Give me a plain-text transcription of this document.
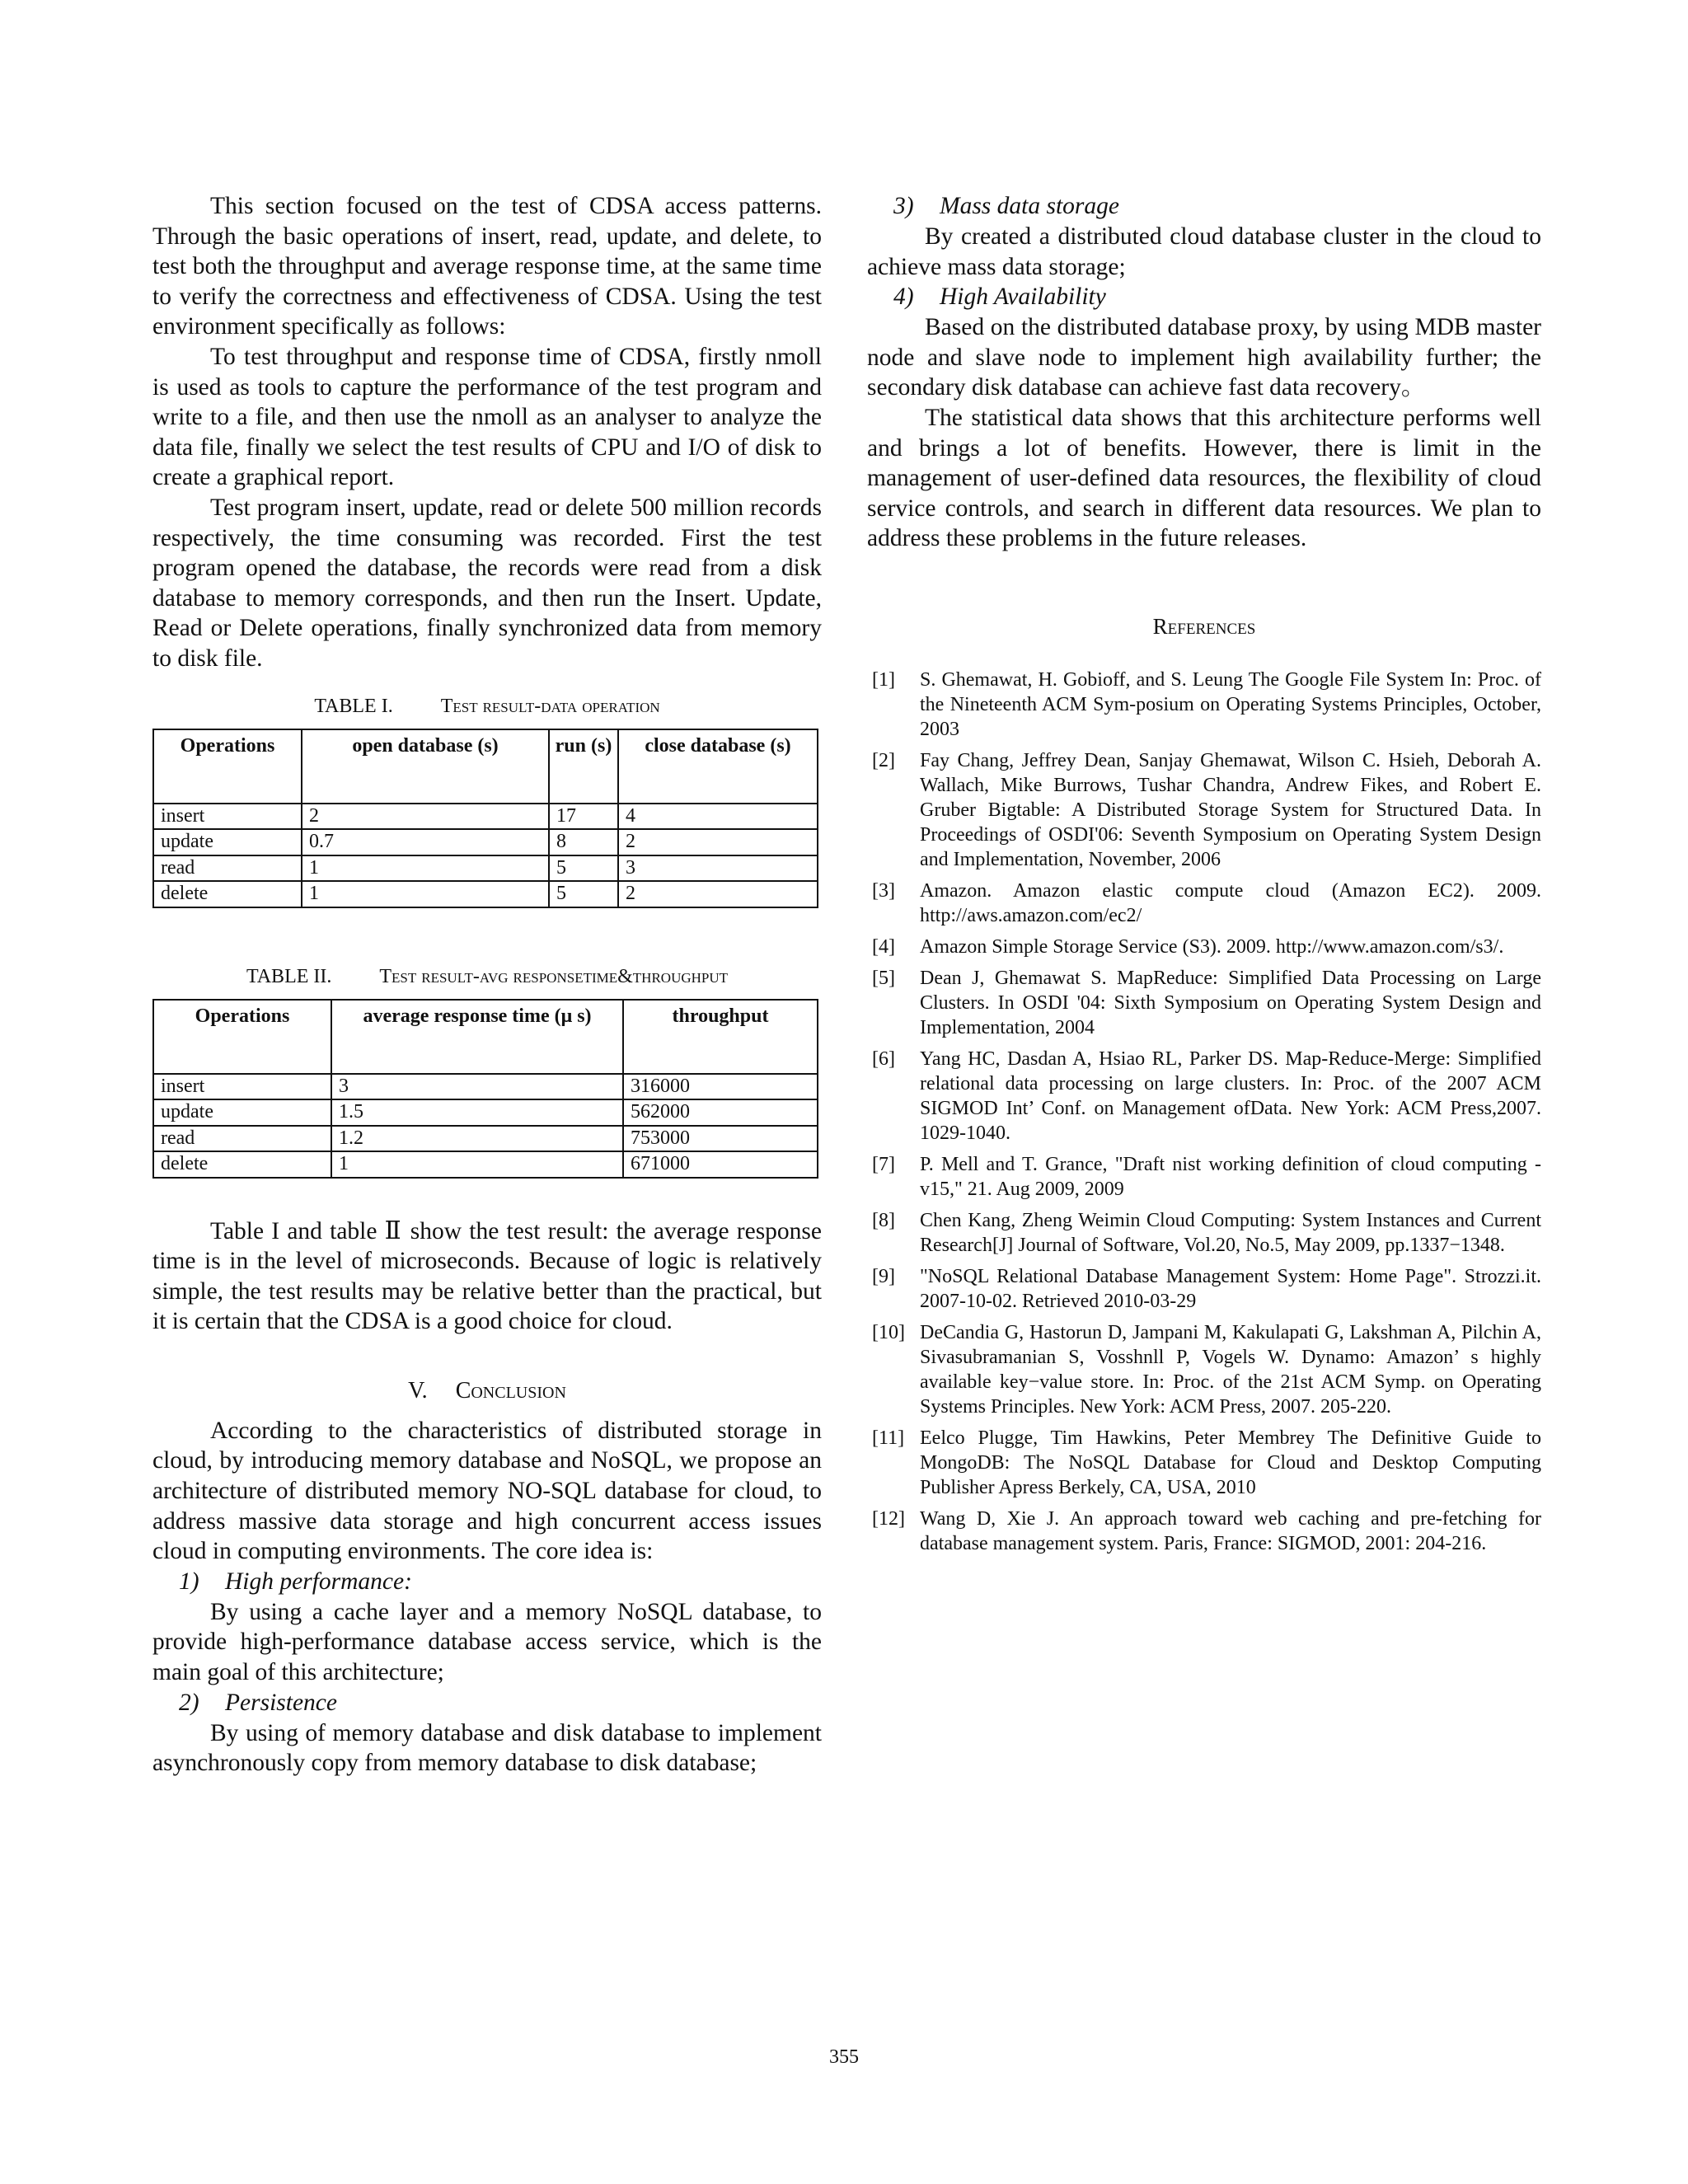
This section focused on the test of CDSA access patterns. Through the basic operations of insert, read, update, and delete, to test both the throughput and average response time, at the same time to verify the correctness and effectiveness of CDSA. Using the test environment specifically as follows:

To test throughput and response time of CDSA, firstly nmoll is used as tools to capture the performance of the test program and write to a file, and then use the nmoll as an analyser to analyze the data file, finally we select the test results of CPU and I/O of disk to create a graphical report.

Test program insert, update, read or delete 500 million records respectively, the time consuming was recorded. First the test program opened the database, the records were read from a disk database to memory corresponds, and then run the Insert. Update, Read or Delete operations, finally synchronized data from memory to disk file.

TABLE I. Test result-data operation

Operations	open database (s)	run (s)	close database (s)
insert	2	17	4
update	0.7	8	2
read	1	5	3
delete	1	5	2

TABLE II. Test result-avg responsetime&throughput

Operations	average response time (μ s)	throughput
insert	3	316000
update	1.5	562000
read	1.2	753000
delete	1	671000

Table I and table Ⅱ show the test result: the average response time is in the level of microseconds. Because of logic is relatively simple, the test results may be relative better than the practical, but it is certain that the CDSA is a good choice for cloud.

V. Conclusion

According to the characteristics of distributed storage in cloud, by introducing memory database and NoSQL, we propose an architecture of distributed memory NO-SQL database for cloud, to address massive data storage and high concurrent access issues cloud in computing environments. The core idea is:

1) High performance:

By using a cache layer and a memory NoSQL database, to provide high-performance database access service, which is the main goal of this architecture;

2) Persistence

By using of memory database and disk database to implement asynchronously copy from memory database to disk database;

3) Mass data storage

By created a distributed cloud database cluster in the cloud to achieve mass data storage;

4) High Availability

Based on the distributed database proxy, by using MDB master node and slave node to implement high availability further; the secondary disk database can achieve fast data recovery。

The statistical data shows that this architecture performs well and brings a lot of benefits. However, there is limit in the management of user-defined data resources, the flexibility of cloud service controls, and search in different data resources. We plan to address these problems in the future releases.

References

[1] S. Ghemawat, H. Gobioff, and S. Leung The Google File System In: Proc. of the Nineteenth ACM Sym-posium on Operating Systems Principles, October, 2003
[2] Fay Chang, Jeffrey Dean, Sanjay Ghemawat, Wilson C. Hsieh, Deborah A. Wallach, Mike Burrows, Tushar Chandra, Andrew Fikes, and Robert E. Gruber Bigtable: A Distributed Storage System for Structured Data. In Proceedings of OSDI'06: Seventh Symposium on Operating System Design and Implementation, November, 2006
[3] Amazon. Amazon elastic compute cloud (Amazon EC2). 2009. http://aws.amazon.com/ec2/
[4] Amazon Simple Storage Service (S3). 2009. http://www.amazon.com/s3/.
[5] Dean J, Ghemawat S. MapReduce: Simplified Data Processing on Large Clusters. In OSDI '04: Sixth Symposium on Operating System Design and Implementation, 2004
[6] Yang HC, Dasdan A, Hsiao RL, Parker DS. Map-Reduce-Merge: Simplified relational data processing on large clusters. In: Proc. of the 2007 ACM SIGMOD Int’ Conf. on Management ofData. New York: ACM Press,2007. 1029-1040.
[7] P. Mell and T. Grance, "Draft nist working definition of cloud computing - v15," 21. Aug 2009, 2009
[8] Chen Kang, Zheng Weimin Cloud Computing: System Instances and Current Research[J] Journal of Software, Vol.20, No.5, May 2009, pp.1337−1348.
[9] "NoSQL Relational Database Management System: Home Page". Strozzi.it. 2007-10-02. Retrieved 2010-03-29
[10] DeCandia G, Hastorun D, Jampani M, Kakulapati G, Lakshman A, Pilchin A, Sivasubramanian S, Vosshnll P, Vogels W. Dynamo: Amazon’ s highly available key−value store. In: Proc. of the 21st ACM Symp. on Operating Systems Principles. New York: ACM Press, 2007. 205-220.
[11] Eelco Plugge, Tim Hawkins, Peter Membrey The Definitive Guide to MongoDB: The NoSQL Database for Cloud and Desktop Computing Publisher Apress Berkely, CA, USA, 2010
[12] Wang D, Xie J. An approach toward web caching and pre-fetching for database management system. Paris, France: SIGMOD, 2001: 204-216.
355
